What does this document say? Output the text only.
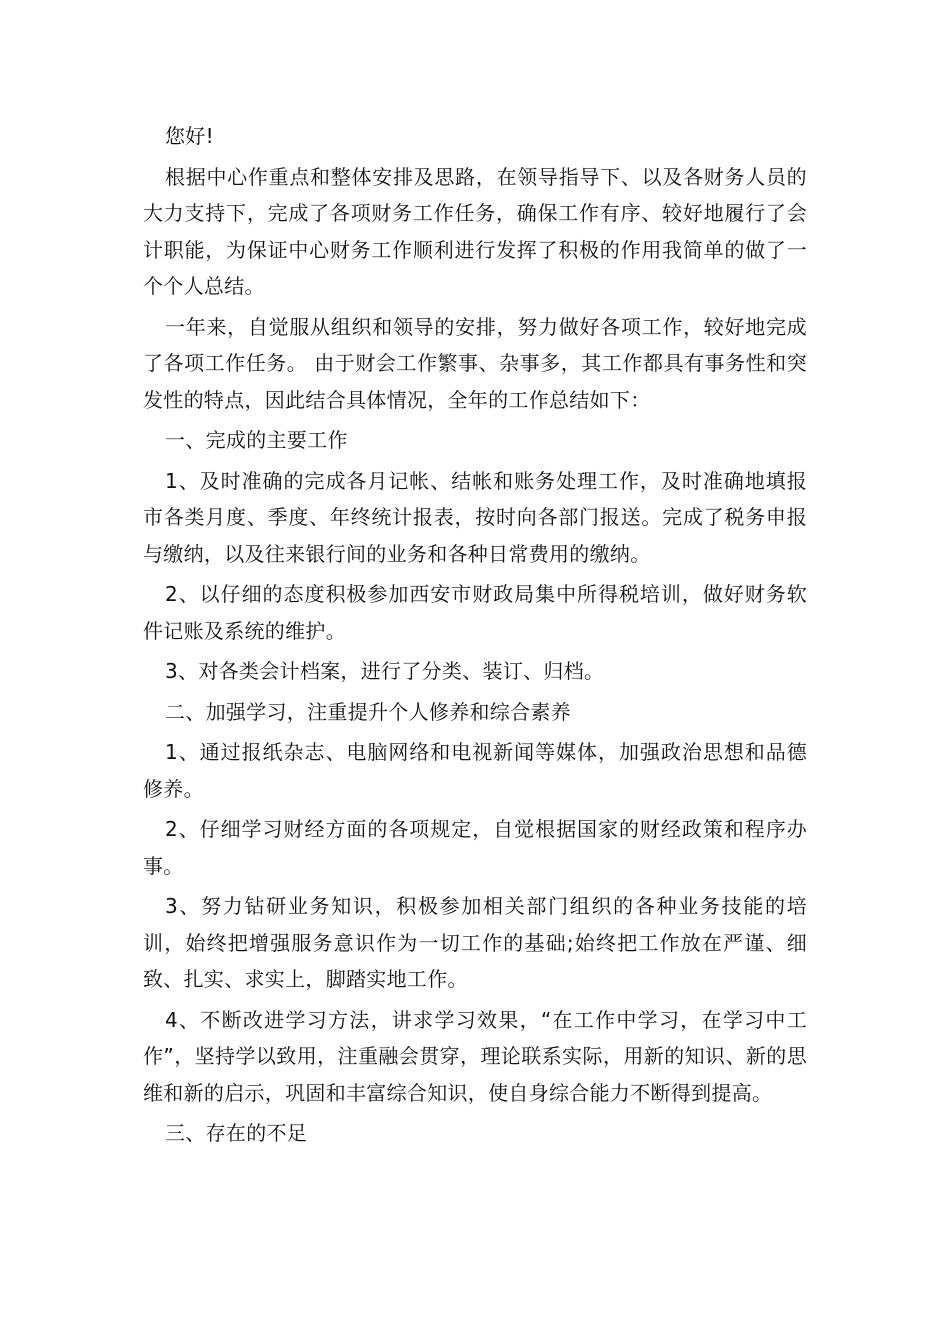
您好!

根据中心作重点和整体安排及思路，在领导指导下、以及各财务人员的大力支持下，完成了各项财务工作任务，确保工作有序、较好地履行了会计职能，为保证中心财务工作顺利进行发挥了积极的作用我简单的做了一个个人总结。

一年来，自觉服从组织和领导的安排，努力做好各项工作，较好地完成了各项工作任务。 由于财会工作繁事、杂事多，其工作都具有事务性和突发性的特点，因此结合具体情况，全年的工作总结如下：

一、完成的主要工作

1、及时准确的完成各月记帐、结帐和账务处理工作，及时准确地填报市各类月度、季度、年终统计报表，按时向各部门报送。完成了税务申报与缴纳，以及往来银行间的业务和各种日常费用的缴纳。

2、以仔细的态度积极参加西安市财政局集中所得税培训，做好财务软件记账及系统的维护。

3、对各类会计档案，进行了分类、装订、归档。

二、加强学习，注重提升个人修养和综合素养

1、通过报纸杂志、电脑网络和电视新闻等媒体，加强政治思想和品德修养。

2、仔细学习财经方面的各项规定，自觉根据国家的财经政策和程序办事。

3、努力钻研业务知识，积极参加相关部门组织的各种业务技能的培训，始终把增强服务意识作为一切工作的基础;始终把工作放在严谨、细致、扎实、求实上，脚踏实地工作。

4、不断改进学习方法，讲求学习效果，“在工作中学习，在学习中工作”，坚持学以致用，注重融会贯穿，理论联系实际，用新的知识、新的思维和新的启示，巩固和丰富综合知识，使自身综合能力不断得到提高。

三、存在的不足
